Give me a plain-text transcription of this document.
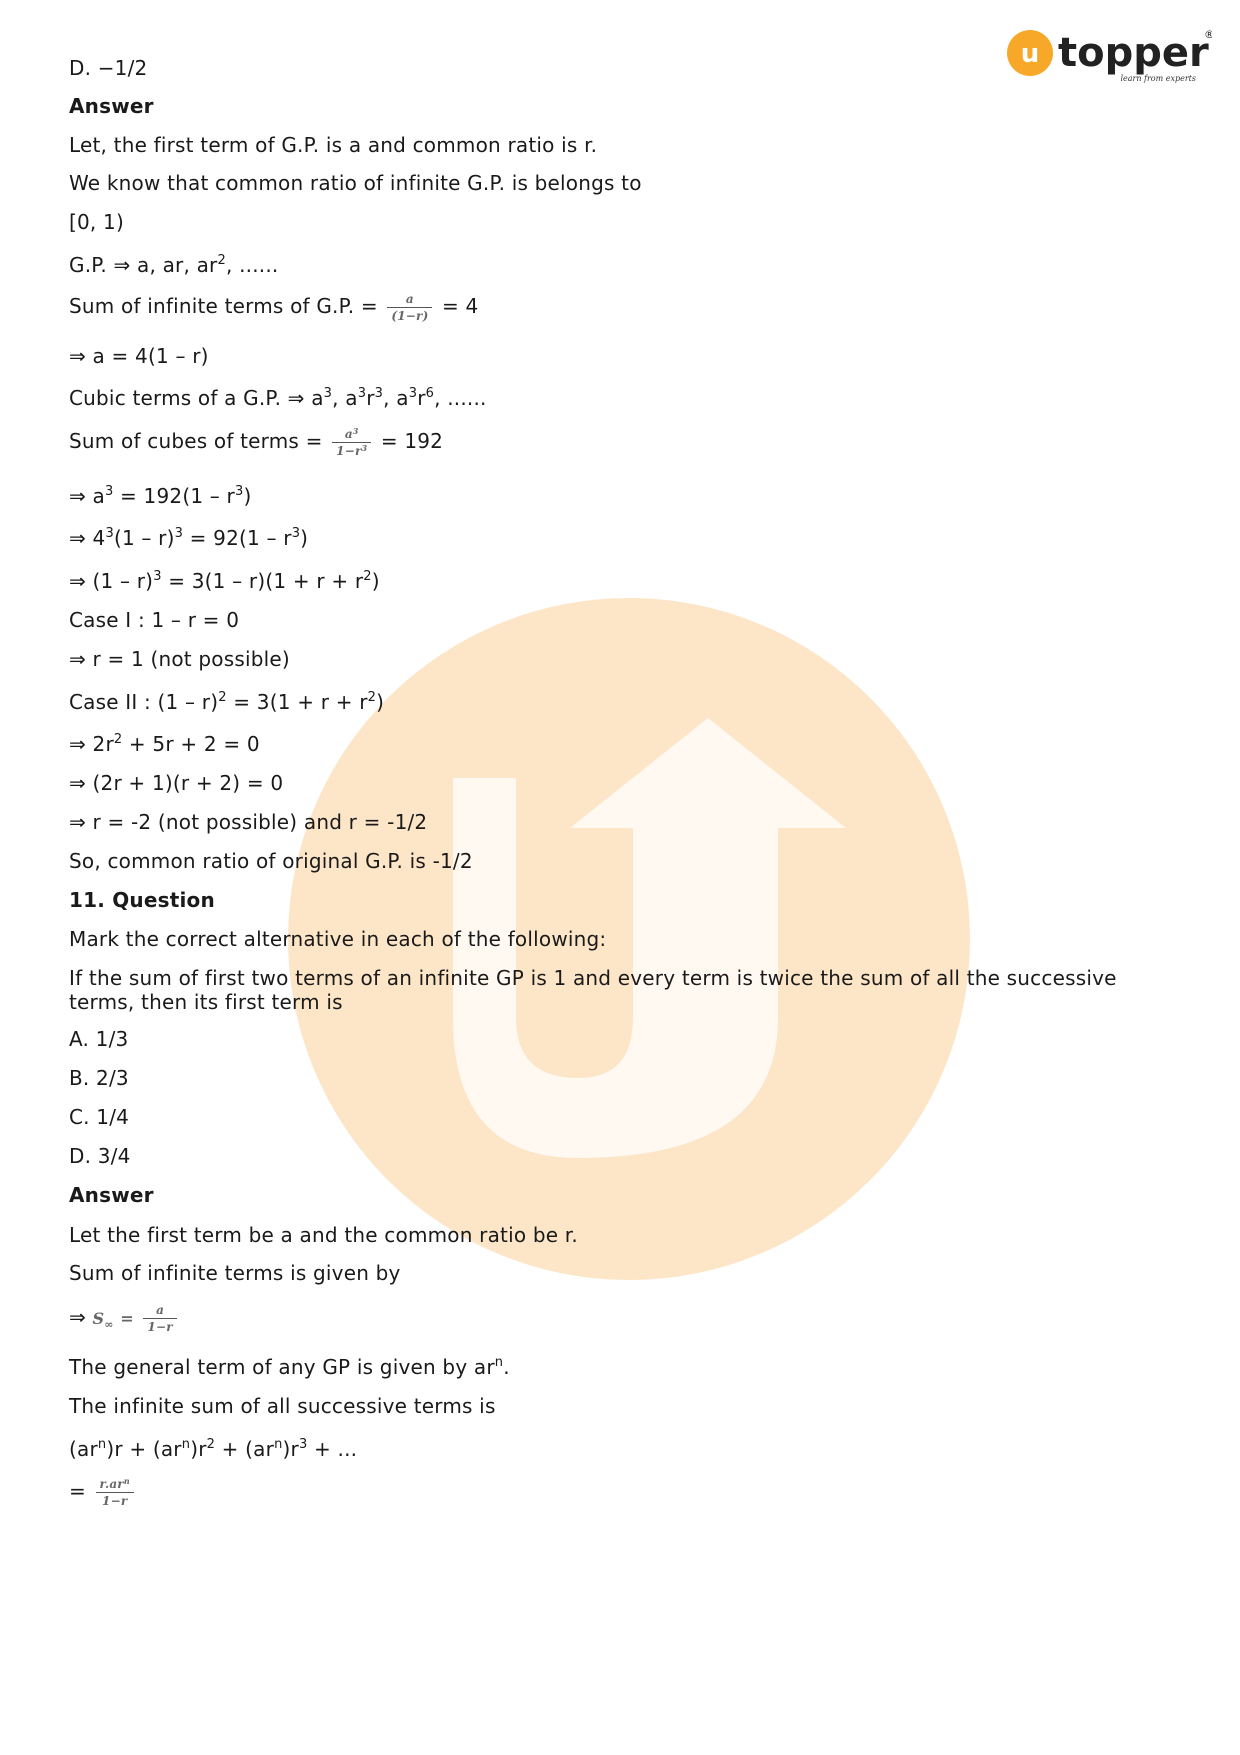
u topper
®
learn from experts
D. −1/2
Answer
Let, the first term of G.P. is a and common ratio is r.
We know that common ratio of infinite G.P. is belongs to
[0, 1)
G.P. ⇒ a, ar, $ar^2$, ......
Sum of infinite terms of G.P. = $\frac{a}{(1-r)} = 4$
⇒ a = 4(1 – r)
Cubic terms of a G.P. ⇒ $a^3$, $a^3r^3$, $a^3r^6$, ......
Sum of cubes of terms = $\frac{a^3}{1-r^3} = 192$
⇒ $a^3 = 192(1 - r^3)$
⇒ $4^3(1 - r)^3 = 92(1 - r^3)$
⇒ $(1 - r)^3 = 3(1 - r)(1 + r + r^2)$
Case I : 1 – r = 0
⇒ r = 1 (not possible)
Case II : $(1 - r)^2 = 3(1 + r + r^2)$
⇒ $2r^2 + 5r + 2 = 0$
⇒ (2r + 1)(r + 2) = 0
⇒ r = -2 (not possible) and r = -1/2
So, common ratio of original G.P. is -1/2
11. Question
Mark the correct alternative in each of the following:
If the sum of first two terms of an infinite GP is 1 and every term is twice the sum of all the successive terms, then its first term is
A. 1/3
B. 2/3
C. 1/4
D. 3/4
Answer
Let the first term be a and the common ratio be r.
Sum of infinite terms is given by
⇒ $S_\infty = \frac{a}{1-r}$
The general term of any GP is given by $ar^n$.
The infinite sum of all successive terms is
$(ar^n)r + (ar^n)r^2 + (ar^n)r^3$ + ...
= $\frac{r.ar^n}{1-r}$
